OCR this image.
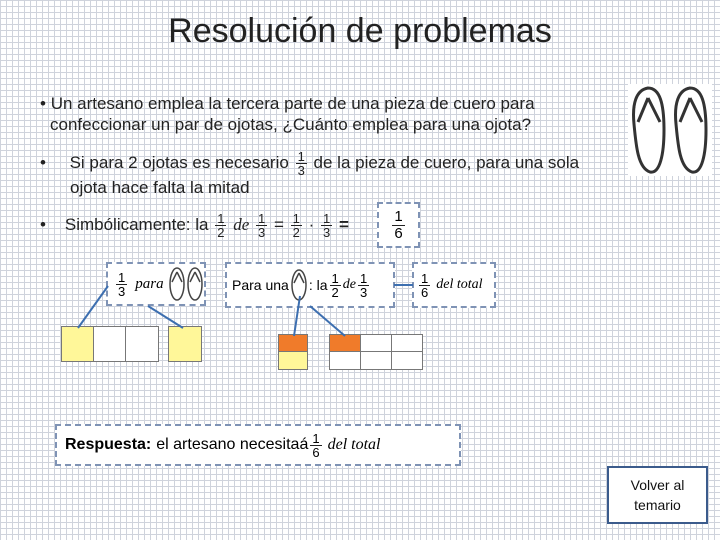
Resolución de problemas
• Un artesano emplea la tercera parte de una pieza de cuero para
confeccionar un par de ojotas, ¿Cuánto emplea para una ojota?
•     Si para 2 ojotas es necesario $\frac{1}{3}$ de la pieza de cuero, para una sola
ojota hace falta la mitad
•    Simbólicamente: la $\frac{1}{2}$ de $\frac{1}{3} = \frac{1}{2} \cdot \frac{1}{3}$ =	$\frac{1}{6}$
$\frac{1}{3}$ para	Para una : la $\frac{1}{2}$ de $\frac{1}{3}$	$\frac{1}{6}$ del total
Respuesta: el artesano necesitaá $\frac{1}{6}$ del total
Volver al temario
